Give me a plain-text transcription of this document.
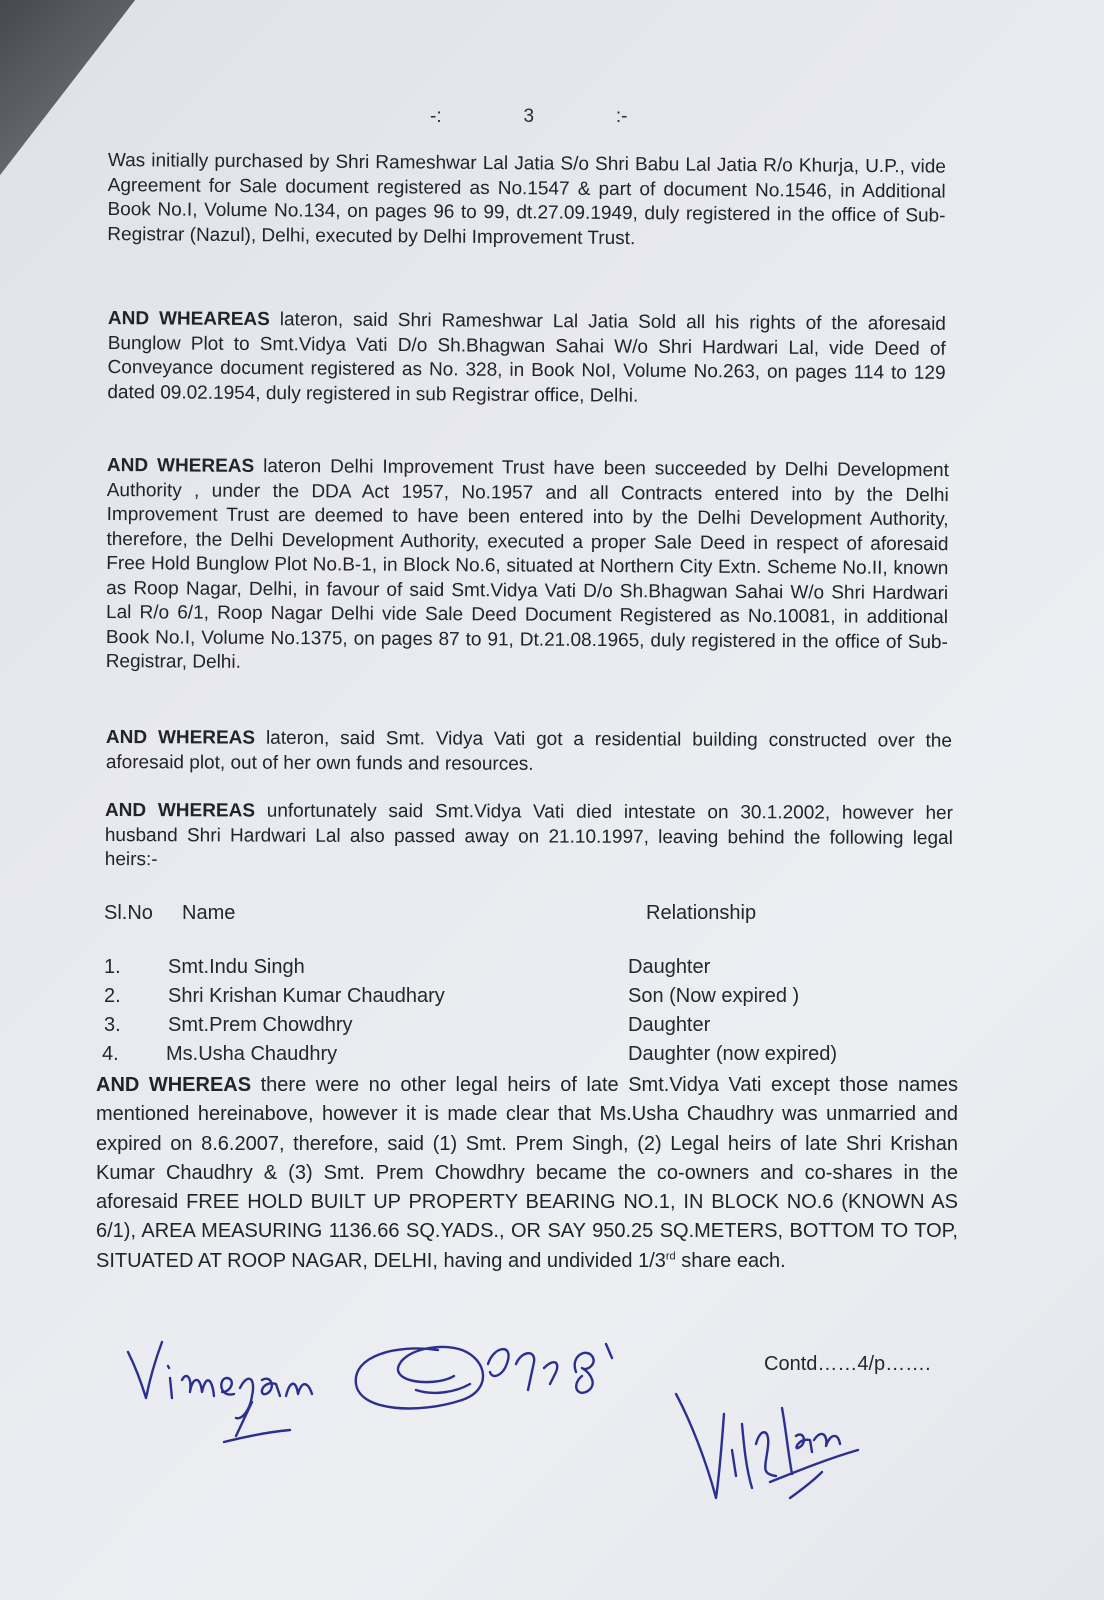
-:   3   :-
Was initially purchased by Shri Rameshwar Lal Jatia S/o Shri Babu Lal Jatia R/o Khurja, U.P., vide Agreement for Sale document registered as No.1547 & part of document No.1546, in Additional Book No.I, Volume No.134, on pages 96 to 99, dt.27.09.1949, duly registered in the office of Sub-Registrar (Nazul), Delhi, executed by Delhi Improvement Trust.
AND WHEAREAS lateron, said Shri Rameshwar Lal Jatia Sold all his rights of the aforesaid Bunglow Plot to Smt.Vidya Vati D/o Sh.Bhagwan Sahai W/o Shri Hardwari Lal, vide Deed of Conveyance document registered as No. 328, in Book NoI, Volume No.263, on pages 114 to 129 dated 09.02.1954, duly registered in sub Registrar office, Delhi.
AND WHEREAS lateron Delhi Improvement Trust have been succeeded by Delhi Development Authority , under the DDA Act 1957, No.1957 and all Contracts entered into by the Delhi Improvement Trust are deemed to have been entered into by the Delhi Development Authority, therefore, the Delhi Development Authority, executed a proper Sale Deed in respect of aforesaid Free Hold Bunglow Plot No.B-1, in Block No.6, situated at Northern City Extn. Scheme No.II, known as Roop Nagar, Delhi, in favour of said Smt.Vidya Vati D/o Sh.Bhagwan Sahai W/o Shri Hardwari Lal R/o 6/1, Roop Nagar Delhi vide Sale Deed Document Registered as No.10081, in additional Book No.I, Volume No.1375, on pages 87 to 91, Dt.21.08.1965, duly registered in the office of Sub-Registrar, Delhi.
AND WHEREAS lateron, said Smt. Vidya Vati got a residential building constructed over the aforesaid plot, out of her own funds and resources.
AND WHEREAS unfortunately said Smt.Vidya Vati died intestate on 30.1.2002, however her husband Shri Hardwari Lal also passed away on 21.10.1997, leaving behind the following legal heirs:-
Sl.No Name	Relationship
1. Smt.Indu Singh	Daughter
2. Shri Krishan Kumar Chaudhary	Son (Now expired )
3. Smt.Prem Chowdhry	Daughter
4. Ms.Usha Chaudhry	Daughter (now expired)
AND WHEREAS there were no other legal heirs of late Smt.Vidya Vati except those names mentioned hereinabove, however it is made clear that Ms.Usha Chaudhry was unmarried and expired on 8.6.2007, therefore, said (1) Smt. Prem Singh, (2) Legal heirs of late Shri Krishan Kumar Chaudhry & (3) Smt. Prem Chowdhry became the co-owners and co-shares in the aforesaid FREE HOLD BUILT UP PROPERTY BEARING NO.1, IN BLOCK NO.6 (KNOWN AS 6/1), AREA MEASURING 1136.66 SQ.YADS., OR SAY 950.25 SQ.METERS, BOTTOM TO TOP, SITUATED AT ROOP NAGAR, DELHI, having and undivided 1/3rd share each.
Contd……4/p…….
